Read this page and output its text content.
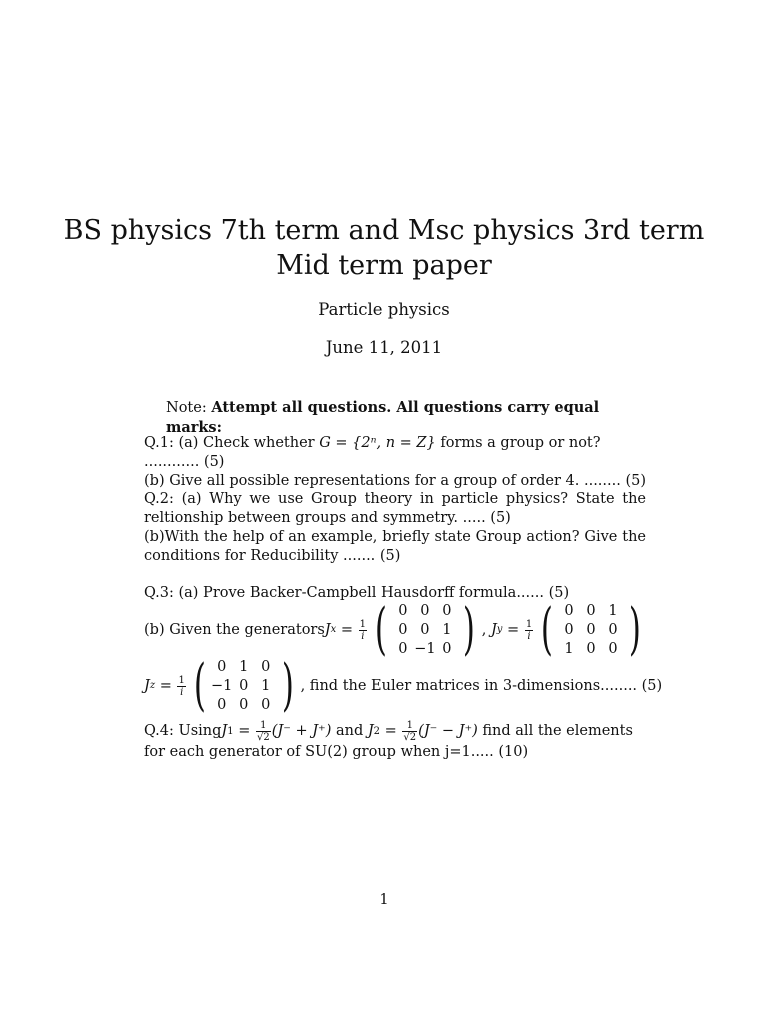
BS physics 7th term and Msc physics 3rd term
Mid term paper
Particle physics
June 11, 2011
Note: Attempt all questions. All questions carry equal marks:
Q.1: (a) Check whether G = {2ⁿ, n = Z} forms a group or not? ............ (5)
(b) Give all possible representations for a group of order 4. ........ (5)
Q.2: (a) Why we use Group theory in particle physics? State the reltionship between groups and symmetry. ..... (5)
(b)With the help of an example, briefly state Group action? Give the conditions for Reducibility ....... (5)
Q.3: (a) Prove Backer-Campbell Hausdorff formula...... (5)
(b) Given the generators J $x = \frac{1}{i}$ ( 0 0 0
0 0 1
0 −1 0 ) ,
J $y = \frac{1}{i}$ ( 0 0 1
0 0 0
1 0 0 )
J $z = \frac{1}{i}$ ( 0 1 0
−1 0 1
0 0 0 ) , find the Euler matrices in 3-dimensions........ (5)
Q.4: Using J $1 = \frac{1}{√2} (J^- + J^+)$ and J $2 = \frac{1}{√2} (J^- - J^+)$ find all the elements
for each generator of SU(2) group when j=1..... (10)
1
